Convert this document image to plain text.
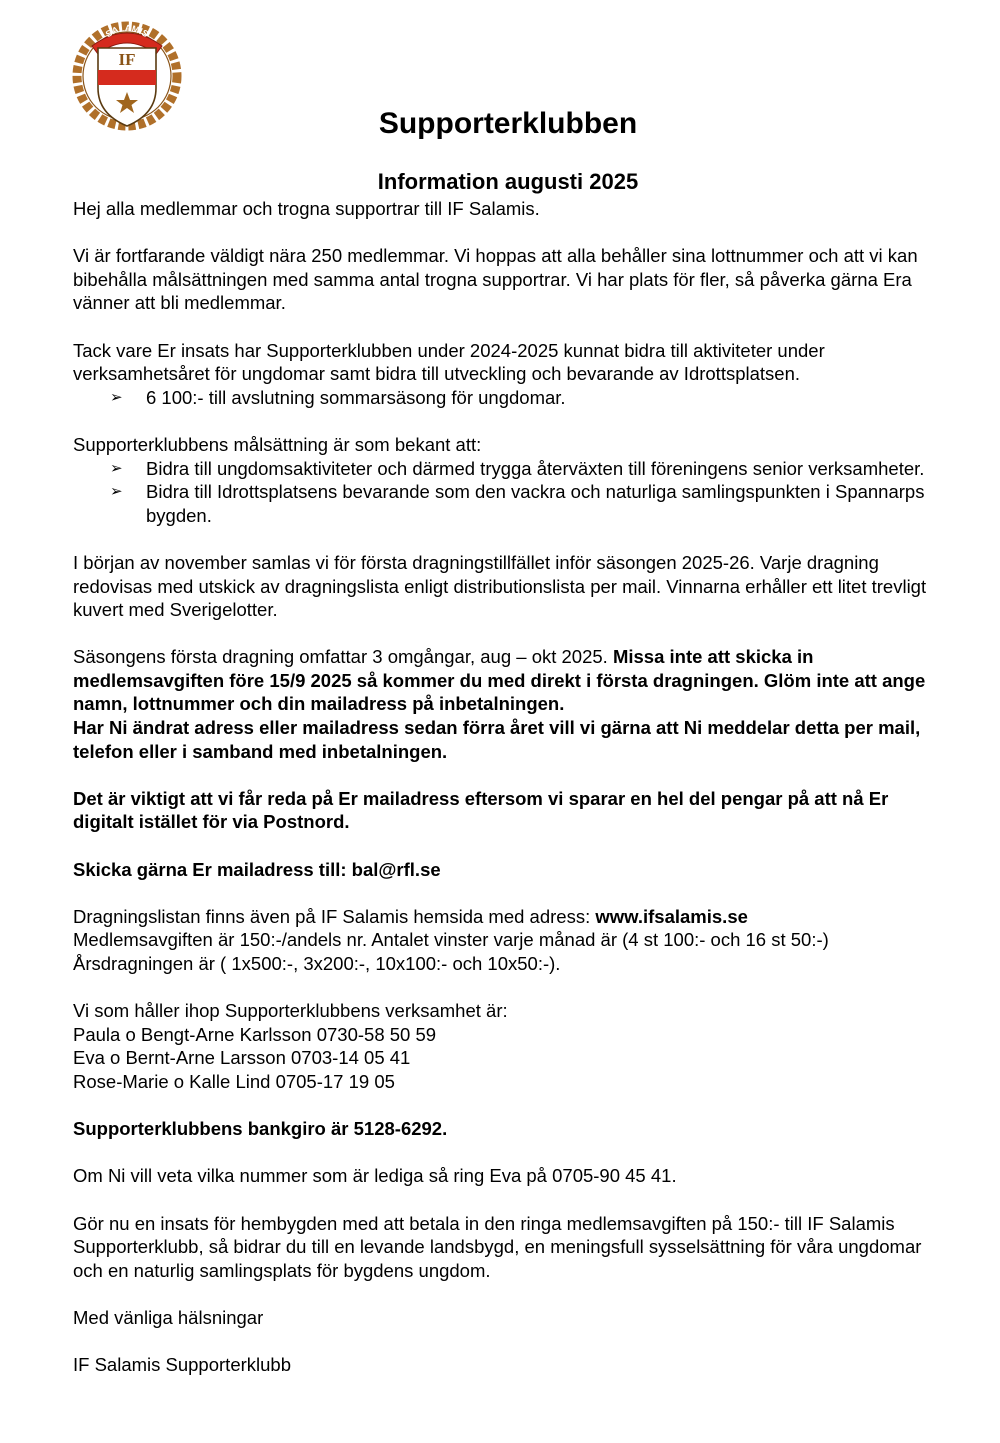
SALAMIS
IF
Supporterklubben
Information augusti 2025

Hej alla medlemmar och trogna supportrar till IF Salamis.

Vi är fortfarande väldigt nära 250 medlemmar. Vi hoppas att alla behåller sina lottnummer och att vi kan bibehålla målsättningen med samma antal trogna supportrar. Vi har plats för fler, så påverka gärna Era vänner att bli medlemmar.

Tack vare Er insats har Supporterklubben under 2024-2025 kunnat bidra till aktiviteter under verksamhetsåret för ungdomar samt bidra till utveckling och bevarande av Idrottsplatsen.

➢ 6 100:- till avslutning sommarsäsong för ungdomar.

Supporterklubbens målsättning är som bekant att:

➢ Bidra till ungdomsaktiviteter och därmed trygga återväxten till föreningens senior verksamheter.
➢ Bidra till Idrottsplatsens bevarande som den vackra och naturliga samlingspunkten i Spannarps bygden.

I början av november samlas vi för första dragningstillfället inför säsongen 2025-26. Varje dragning redovisas med utskick av dragningslista enligt distributionslista per mail. Vinnarna erhåller ett litet trevligt kuvert med Sverigelotter.

Säsongens första dragning omfattar 3 omgångar, aug – okt 2025. Missa inte att skicka in medlemsavgiften före 15/9 2025 så kommer du med direkt i första dragningen. Glöm inte att ange namn, lottnummer och din mailadress på inbetalningen.
Har Ni ändrat adress eller mailadress sedan förra året vill vi gärna att Ni meddelar detta per mail, telefon eller i samband med inbetalningen.

Det är viktigt att vi får reda på Er mailadress eftersom vi sparar en hel del pengar på att nå Er digitalt istället för via Postnord.

Skicka gärna Er mailadress till: bal@rfl.se

Dragningslistan finns även på IF Salamis hemsida med adress: www.ifsalamis.se
Medlemsavgiften är 150:-/andels nr. Antalet vinster varje månad är (4 st 100:- och 16 st 50:-)
Årsdragningen är ( 1x500:-, 3x200:-, 10x100:- och 10x50:-).

Vi som håller ihop Supporterklubbens verksamhet är:
Paula o Bengt-Arne Karlsson 0730-58 50 59
Eva o Bernt-Arne Larsson 0703-14 05 41
Rose-Marie o Kalle Lind 0705-17 19 05

Supporterklubbens bankgiro är 5128-6292.

Om Ni vill veta vilka nummer som är lediga så ring Eva på 0705-90 45 41.

Gör nu en insats för hembygden med att betala in den ringa medlemsavgiften på 150:- till IF Salamis Supporterklubb, så bidrar du till en levande landsbygd, en meningsfull sysselsättning för våra ungdomar och en naturlig samlingsplats för bygdens ungdom.

Med vänliga hälsningar

IF Salamis Supporterklubb
